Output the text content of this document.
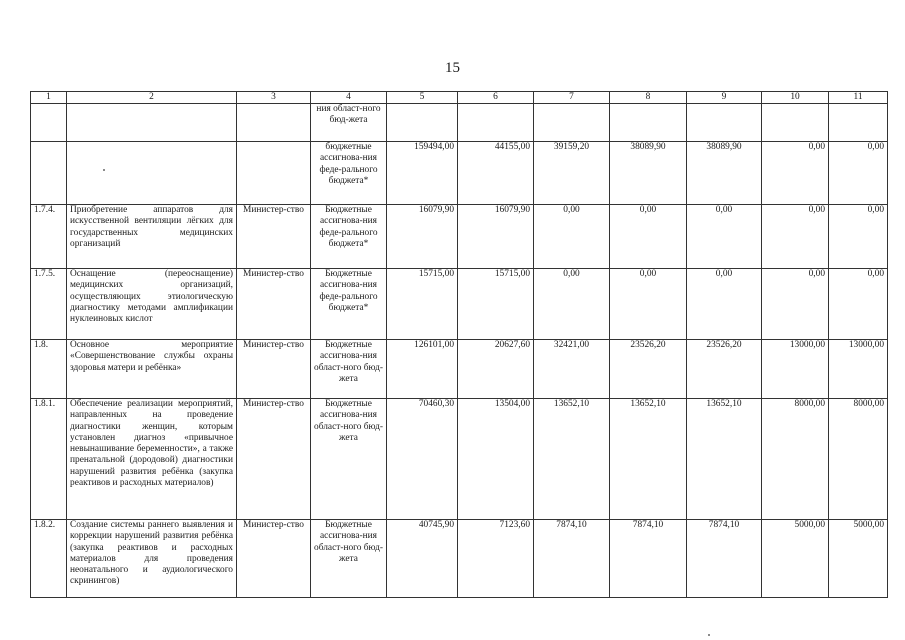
15
1	2	3	4	5	6	7	8	9	10	11
			ния област-ного бюд-жета							
			бюджетные ассигнова-ния феде-рального бюджета*	159494,00	44155,00	39159,20	38089,90	38089,90	0,00	0,00
1.7.4.	Приобретение аппаратов для искусственной вентиляции лёгких для государственных медицинских организаций	Министер-ство	Бюджетные ассигнова-ния феде-рального бюджета*	16079,90	16079,90	0,00	0,00	0,00	0,00	0,00
1.7.5.	Оснащение (переоснащение) медицинских организаций, осуществляющих этиологическую диагностику методами амплификации нуклеиновых кислот	Министер-ство	Бюджетные ассигнова-ния феде-рального бюджета*	15715,00	15715,00	0,00	0,00	0,00	0,00	0,00
1.8.	Основное мероприятие «Совершенствование службы охраны здоровья матери и ребёнка»	Министер-ство	Бюджетные ассигнова-ния област-ного бюд-жета	126101,00	20627,60	32421,00	23526,20	23526,20	13000,00	13000,00
1.8.1.	Обеспечение реализации мероприятий, направленных на проведение диагностики женщин, которым установлен диагноз «привычное невынашивание беременности», а также пренатальной (дородовой) диагностики нарушений развития ребёнка (закупка реактивов и расходных материалов)	Министер-ство	Бюджетные ассигнова-ния област-ного бюд-жета	70460,30	13504,00	13652,10	13652,10	13652,10	8000,00	8000,00
1.8.2.	Создание системы раннего выявления и коррекции нарушений развития ребёнка (закупка реактивов и расходных материалов для проведения неонатального и аудиологического скринингов)	Министер-ство	Бюджетные ассигнова-ния област-ного бюд-жета	40745,90	7123,60	7874,10	7874,10	7874,10	5000,00	5000,00
